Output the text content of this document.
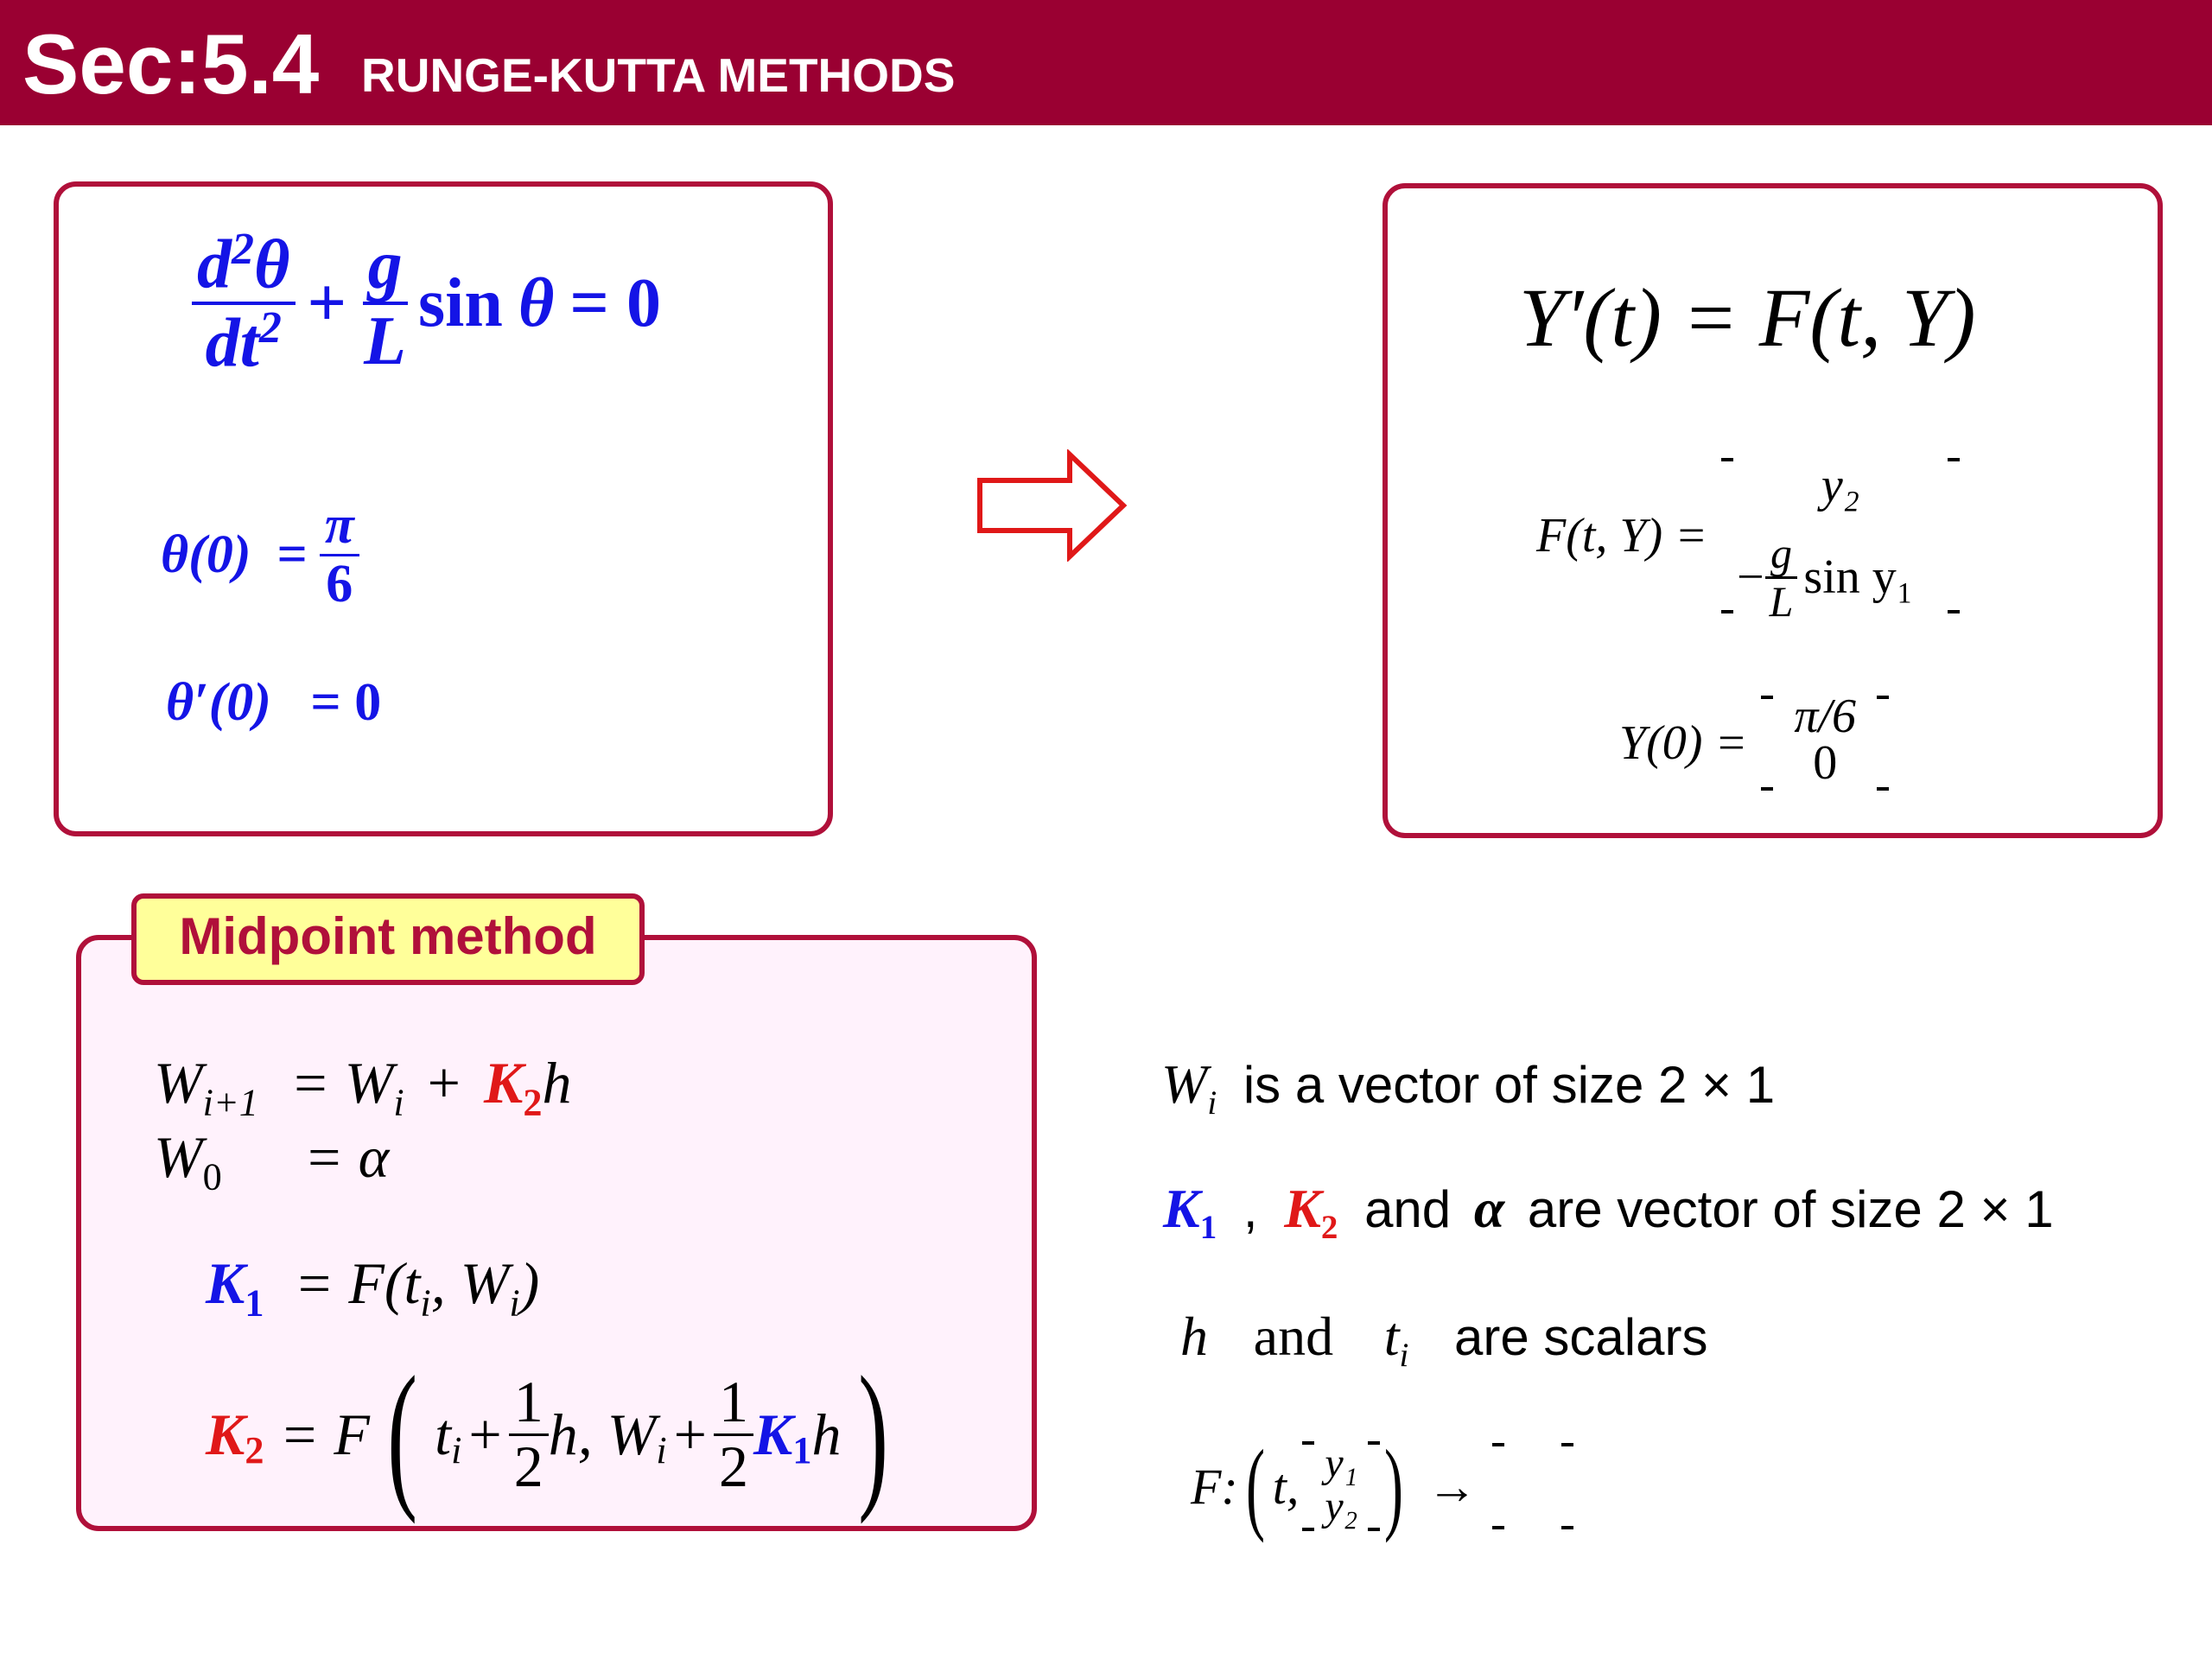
Sec:5.4 RUNGE-KUTTA METHODS
$\frac{d^2\theta}{dt^2} + \frac{g}{L}$ sin θ = 0
$\theta(0) = \frac{\pi}{6}$
θ′(0) = 0
Y′(t) = F(t, Y)
F(t, Y) =
y₂
− $\frac{g}{L}$ sin y₁
Y(0) = π/6
0
Midpoint method
$W_{i+1} = W_i + K_2h$
$W_0 = \alpha$
$K_1 = F(t_i$, $W_i$)
$K_2 = F$ ( $t_i + \frac{1}{2} h$, $W_i + \frac{1}{2} K_1$ h )
$W_i$ is a vector of size 2 × 1
$K_1$ , $K_2$ and α are vector of size 2 × 1
h and $t_i$ are scalars
F: ( t, y₁
y₂ ) →
